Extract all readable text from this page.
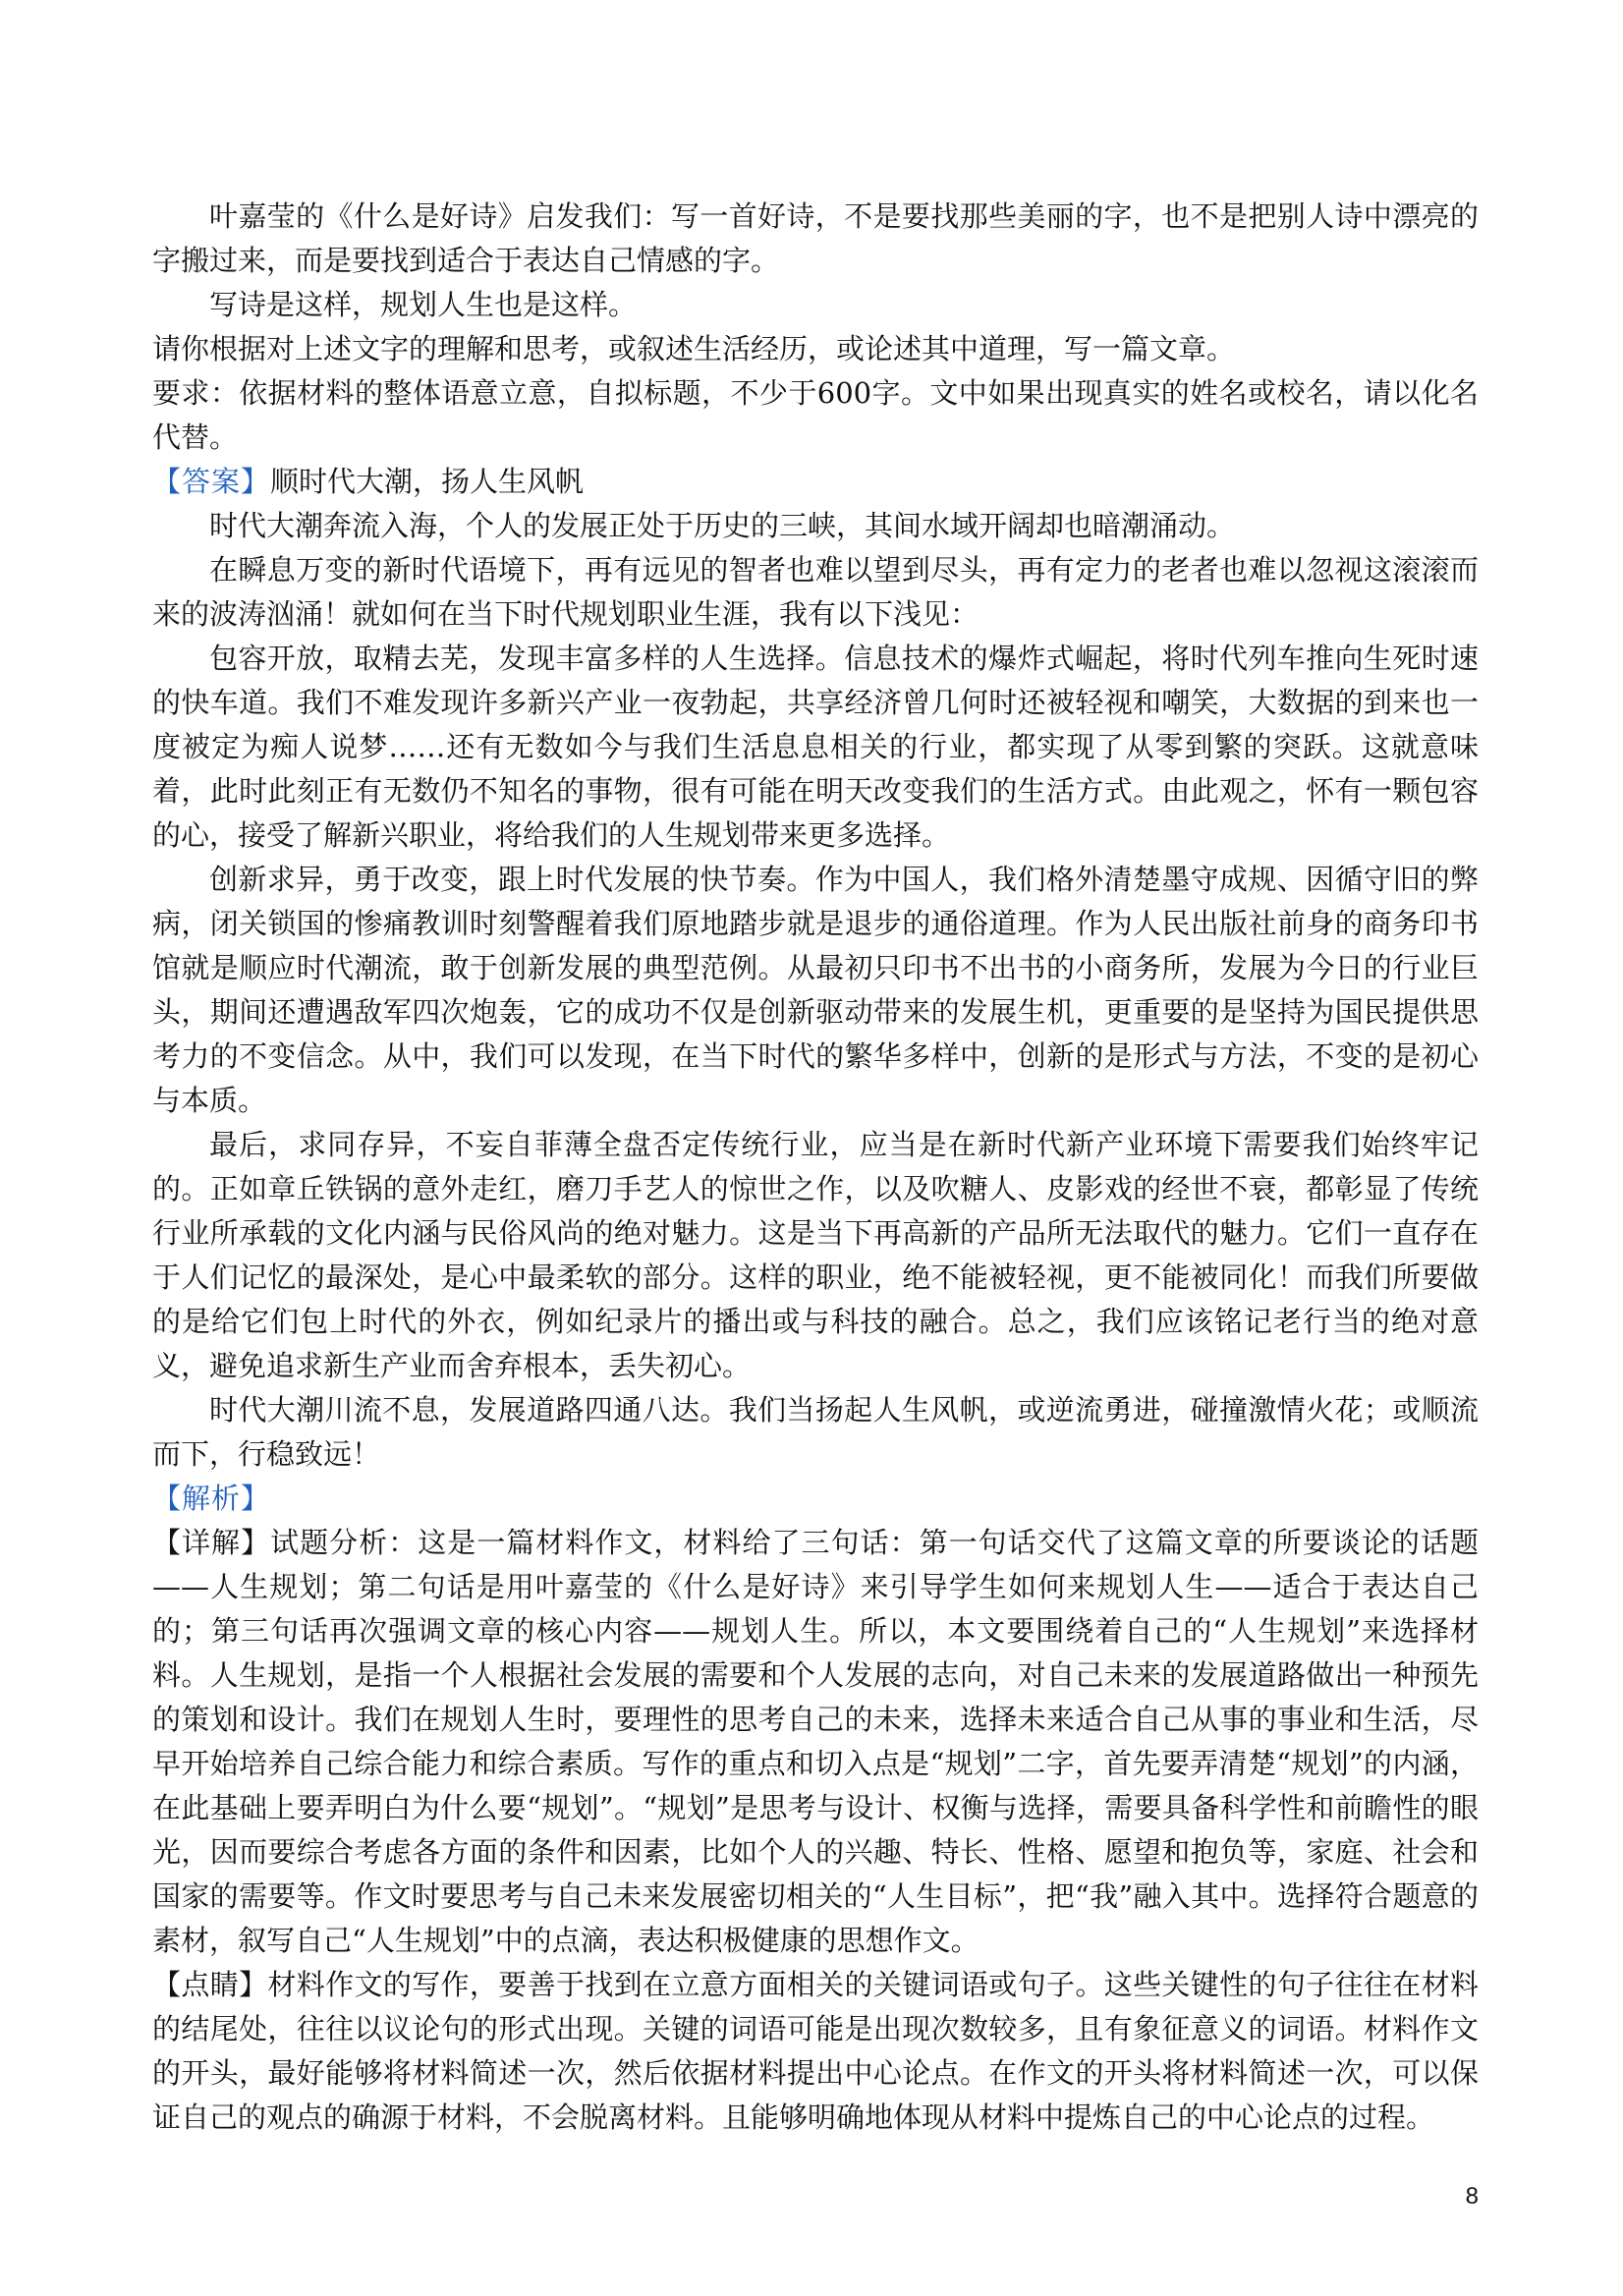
叶嘉莹的《什么是好诗》启发我们：写一首好诗，不是要找那些美丽的字，也不是把别人诗中漂亮的字搬过来，而是要找到适合于表达自己情感的字。

写诗是这样，规划人生也是这样。

请你根据对上述文字的理解和思考，或叙述生活经历，或论述其中道理，写一篇文章。

要求：依据材料的整体语意立意，自拟标题，不少于600字。文中如果出现真实的姓名或校名，请以化名代替。

【答案】顺时代大潮，扬人生风帆

时代大潮奔流入海，个人的发展正处于历史的三峡，其间水域开阔却也暗潮涌动。

在瞬息万变的新时代语境下，再有远见的智者也难以望到尽头，再有定力的老者也难以忽视这滚滚而来的波涛汹涌！就如何在当下时代规划职业生涯，我有以下浅见：

包容开放，取精去芜，发现丰富多样的人生选择。信息技术的爆炸式崛起，将时代列车推向生死时速的快车道。我们不难发现许多新兴产业一夜勃起，共享经济曾几何时还被轻视和嘲笑，大数据的到来也一度被定为痴人说梦……还有无数如今与我们生活息息相关的行业，都实现了从零到繁的突跃。这就意味着，此时此刻正有无数仍不知名的事物，很有可能在明天改变我们的生活方式。由此观之，怀有一颗包容的心，接受了解新兴职业，将给我们的人生规划带来更多选择。

创新求异，勇于改变，跟上时代发展的快节奏。作为中国人，我们格外清楚墨守成规、因循守旧的弊病，闭关锁国的惨痛教训时刻警醒着我们原地踏步就是退步的通俗道理。作为人民出版社前身的商务印书馆就是顺应时代潮流，敢于创新发展的典型范例。从最初只印书不出书的小商务所，发展为今日的行业巨头，期间还遭遇敌军四次炮轰，它的成功不仅是创新驱动带来的发展生机，更重要的是坚持为国民提供思考力的不变信念。从中，我们可以发现，在当下时代的繁华多样中，创新的是形式与方法，不变的是初心与本质。

最后，求同存异，不妄自菲薄全盘否定传统行业，应当是在新时代新产业环境下需要我们始终牢记的。正如章丘铁锅的意外走红，磨刀手艺人的惊世之作，以及吹糖人、皮影戏的经世不衰，都彰显了传统行业所承载的文化内涵与民俗风尚的绝对魅力。这是当下再高新的产品所无法取代的魅力。它们一直存在于人们记忆的最深处，是心中最柔软的部分。这样的职业，绝不能被轻视，更不能被同化！而我们所要做的是给它们包上时代的外衣，例如纪录片的播出或与科技的融合。总之，我们应该铭记老行当的绝对意义，避免追求新生产业而舍弃根本，丢失初心。

时代大潮川流不息，发展道路四通八达。我们当扬起人生风帆，或逆流勇进，碰撞激情火花；或顺流而下，行稳致远！

【解析】

【详解】试题分析：这是一篇材料作文，材料给了三句话：第一句话交代了这篇文章的所要谈论的话题——人生规划；第二句话是用叶嘉莹的《什么是好诗》来引导学生如何来规划人生——适合于表达自己的；第三句话再次强调文章的核心内容——规划人生。所以，本文要围绕着自己的“人生规划”来选择材料。人生规划，是指一个人根据社会发展的需要和个人发展的志向，对自己未来的发展道路做出一种预先的策划和设计。我们在规划人生时，要理性的思考自己的未来，选择未来适合自己从事的事业和生活，尽早开始培养自己综合能力和综合素质。写作的重点和切入点是“规划”二字，首先要弄清楚“规划”的内涵，在此基础上要弄明白为什么要“规划”。“规划”是思考与设计、权衡与选择，需要具备科学性和前瞻性的眼光，因而要综合考虑各方面的条件和因素，比如个人的兴趣、特长、性格、愿望和抱负等，家庭、社会和国家的需要等。作文时要思考与自己未来发展密切相关的“人生目标”，把“我”融入其中。选择符合题意的素材，叙写自己“人生规划”中的点滴，表达积极健康的思想作文。

【点睛】材料作文的写作，要善于找到在立意方面相关的关键词语或句子。这些关键性的句子往往在材料的结尾处，往往以议论句的形式出现。关键的词语可能是出现次数较多，且有象征意义的词语。材料作文的开头，最好能够将材料简述一次，然后依据材料提出中心论点。在作文的开头将材料简述一次，可以保证自己的观点的确源于材料，不会脱离材料。且能够明确地体现从材料中提炼自己的中心论点的过程。

8
